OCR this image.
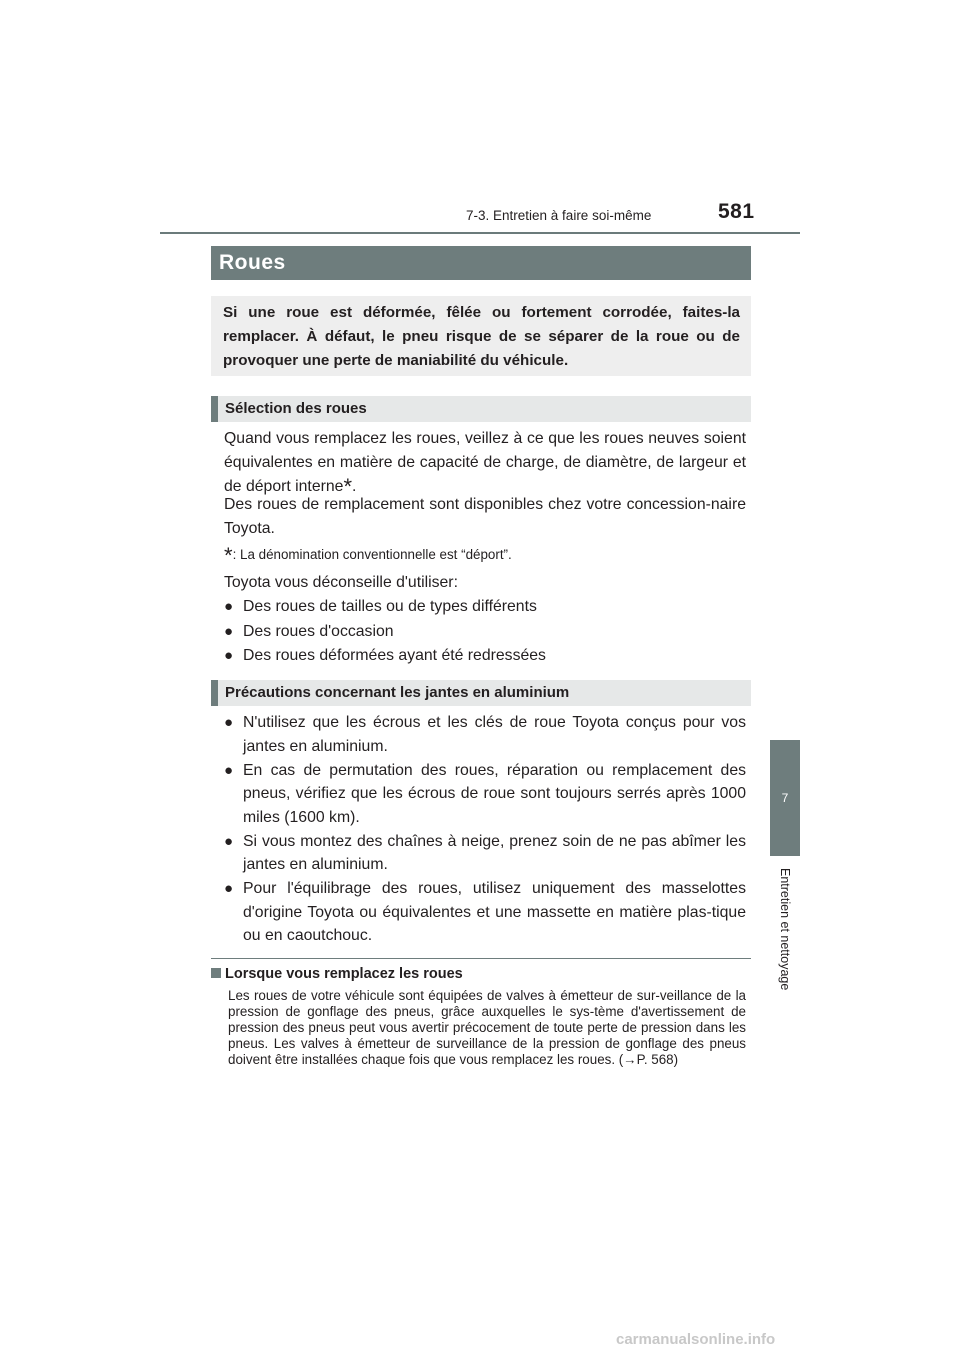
7-3. Entretien à faire soi-même	581
7
Entretien et nettoyage
Roues
Si une roue est déformée, fêlée ou fortement corrodée, faites-la remplacer. À défaut, le pneu risque de se séparer de la roue ou de provoquer une perte de maniabilité du véhicule.
Sélection des roues
Quand vous remplacez les roues, veillez à ce que les roues neuves soient équivalentes en matière de capacité de charge, de diamètre, de largeur et de déport interne*.
Des roues de remplacement sont disponibles chez votre concession-naire Toyota.
*: La dénomination conventionnelle est “déport”.
Toyota vous déconseille d'utiliser:
● Des roues de tailles ou de types différents
● Des roues d'occasion
● Des roues déformées ayant été redressées
Précautions concernant les jantes en aluminium
● N'utilisez que les écrous et les clés de roue Toyota conçus pour vos jantes en aluminium.
● En cas de permutation des roues, réparation ou remplacement des pneus, vérifiez que les écrous de roue sont toujours serrés après 1000 miles (1600 km).
● Si vous montez des chaînes à neige, prenez soin de ne pas abîmer les jantes en aluminium.
● Pour l'équilibrage des roues, utilisez uniquement des masselottes d'origine Toyota ou équivalentes et une massette en matière plas-tique ou en caoutchouc.
Lorsque vous remplacez les roues
Les roues de votre véhicule sont équipées de valves à émetteur de sur-veillance de la pression de gonflage des pneus, grâce auxquelles le sys-tème d'avertissement de pression des pneus peut vous avertir précocement de toute perte de pression dans les pneus. Les valves à émetteur de surveillance de la pression de gonflage des pneus doivent être installées chaque fois que vous remplacez les roues. (→P. 568)
carmanualsonline.info
